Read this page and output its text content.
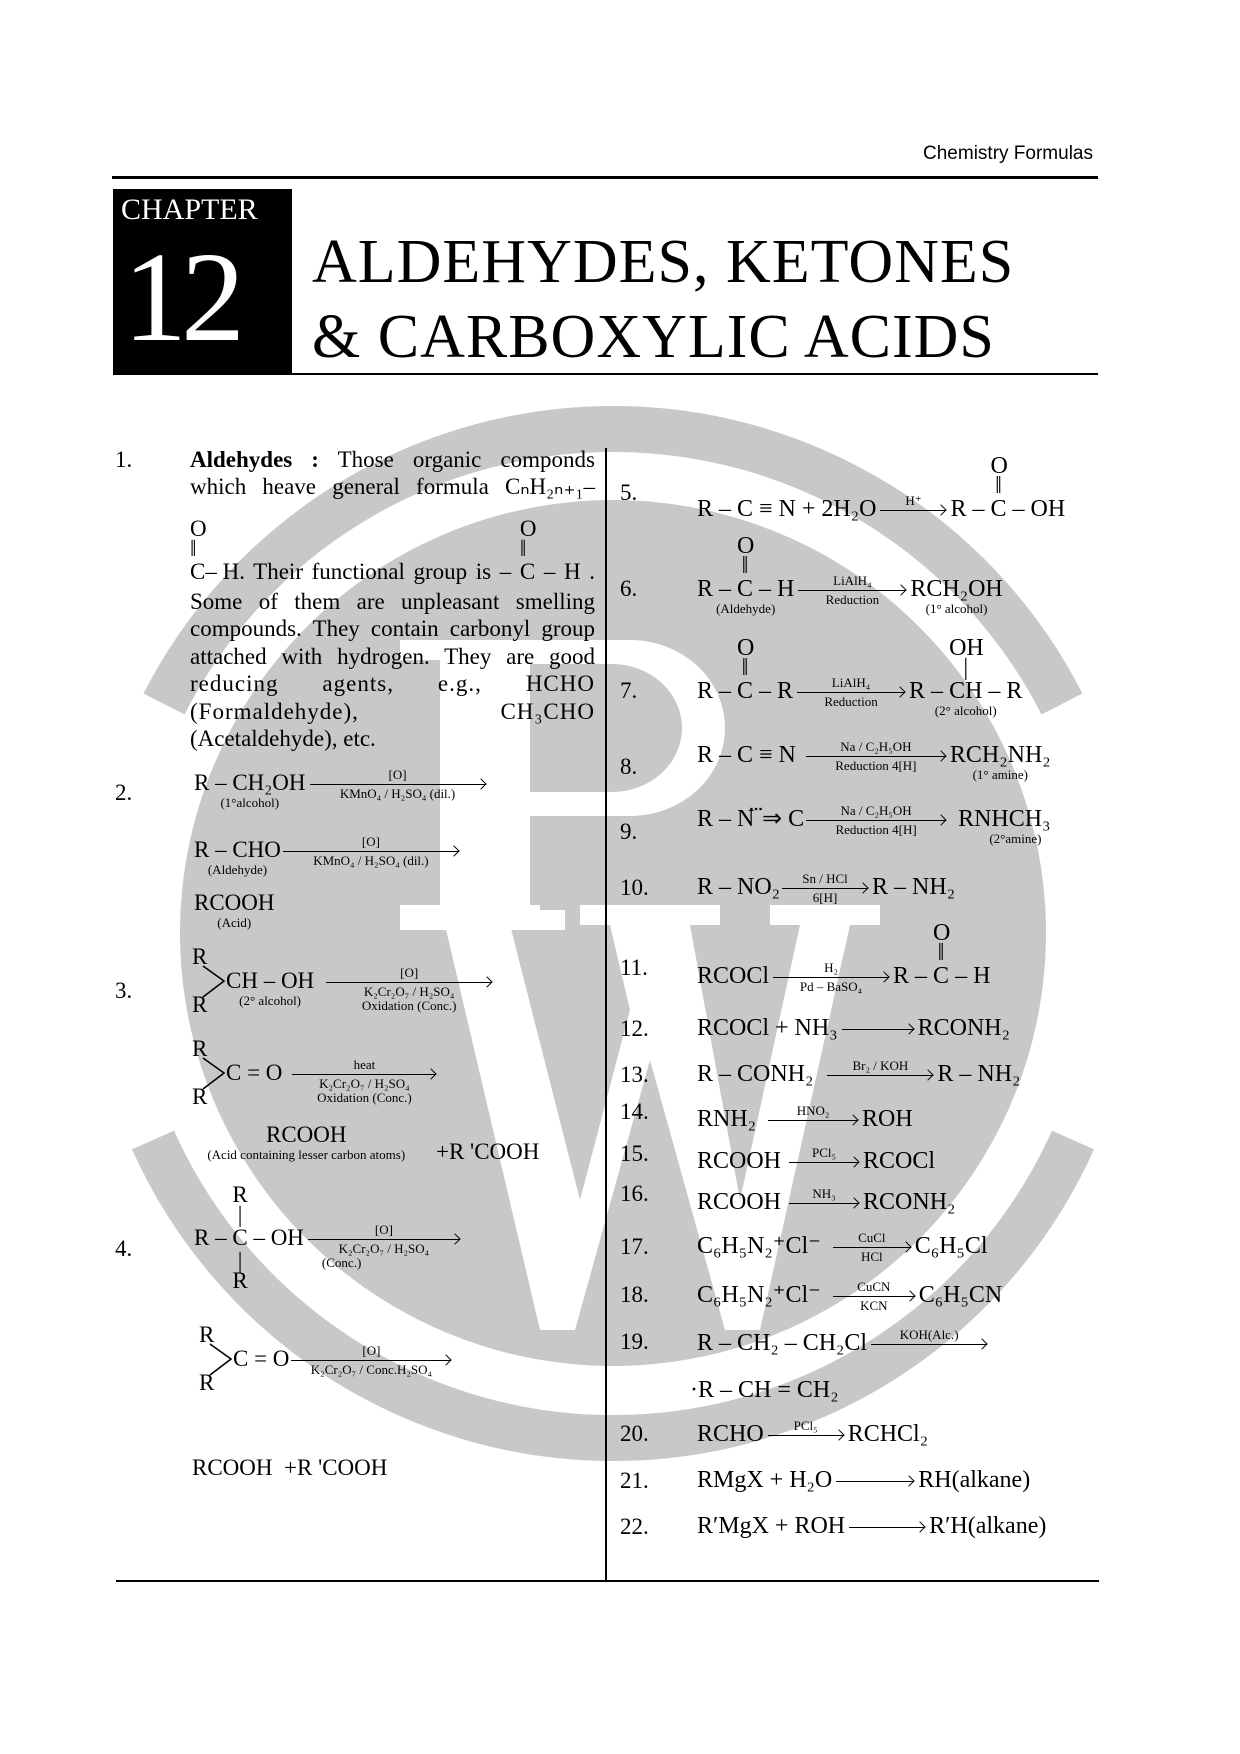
Chemistry Formulas
CHAPTER
12 ALDEHYDES, KETONES
& CARBOXYLIC ACIDS
1.	Aldehydes : Those organic componds
which heave general formula CₙH₂ₙ₊₁–
O
‖
C– H. Their functional group is –
O
‖
C – H .
Some of them are unpleasant smelling
compounds. They contain carbonyl group
attached with hydrogen. They are good
reducing agents, e.g., HCHO
(Formaldehyde), CH₃CHO
(Acetaldehyde), etc.
2.	R – CH₂OH
(1°alcohol)
[O]
KMnO₄ / H₂SO₄ (dil.)
R – CHO
(Aldehyde)
[O]
KMnO₄ / H₂SO₄ (dil.)
RCOOH
(Acid)
3.
R
R
CH – OH
(2° alcohol)
[O]
K₂Cr₂O₇ / H₂SO₄
Oxidation (Conc.)
R
R
C = O	heat
K₂Cr₂O₇ / H₂SO₄
Oxidation (Conc.)
RCOOH
(Acid containing lesser carbon atoms) +R 'COOH
4.	R –
R
|
C
|
R
– OH	[O]
K₂Cr₂O₇ / H₂SO₄
(Conc.)
R
R
C = O	[O]
K₂Cr₂O₇ / Conc.H₂SO₄
RCOOH  +R 'COOH
5.
R – C ≡ N + 2H₂O	H⁺	R –
O
‖
C – OH
6. R –
O
‖
C – H
(Aldehyde)
LiAlH₄
Reduction	RCH₂OH
(1° alcohol)
7. R –
O
‖
C – R	LiAlH₄
Reduction	R –
OH
|
CH – R
(2° alcohol)
8. R – C ≡ N	Na / C₂H₅OH
Reduction 4[H]	RCH₂NH₂
(1° amine)
9. R – N ⃛⇒ C	Na / C₂H₅OH
Reduction 4[H]	RNHCH₃
(2°amine)
10. R – NO₂	Sn / HCl
6[H]	R – NH₂
11. RCOCl	H₂
Pd – BaSO₄	R –
O
‖
C – H
12. RCOCl + NH₃	RCONH₂
13. R – CONH₂	Br₂ / KOH	R – NH₂
14. RNH₂	HNO₂	ROH
15. RCOOH	PCl₅	RCOCl
16. RCOOH	NH₃	RCONH₂
17. C₆H₅N₂⁺Cl⁻	CuCl
HCl	C₆H₅Cl
18. C₆H₅N₂⁺Cl⁻	CuCN
KCN	C₆H₅CN
19. R – CH₂ – CH₂Cl	KOH(Alc.)
·R – CH = CH₂
20. RCHO	PCl₅	RCHCl₂
21. RMgX + H₂O	RH(alkane)
22. R′MgX + ROH	R′H(alkane)
